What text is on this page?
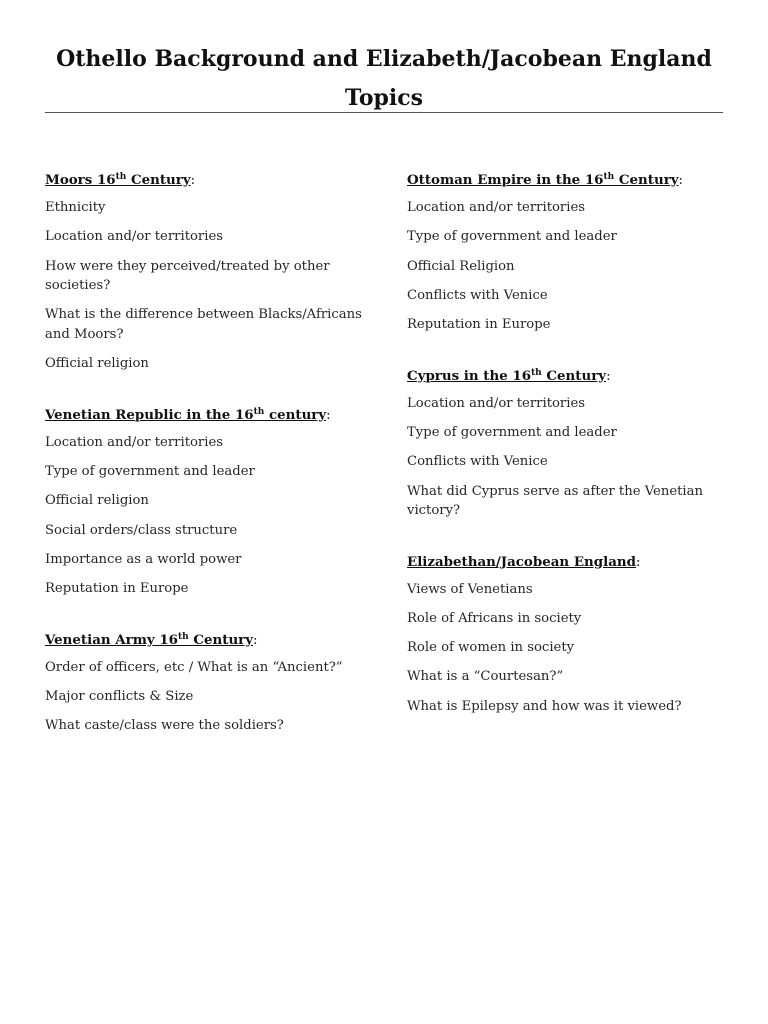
Othello Background and Elizabeth/Jacobean England
Topics
Moors 16th Century:
Ethnicity
Location and/or territories
How were they perceived/treated by other societies?
What is the difference between Blacks/Africans and Moors?
Official religion
Venetian Republic in the 16th century:
Location and/or territories
Type of government and leader
Official religion
Social orders/class structure
Importance as a world power
Reputation in Europe
Venetian Army 16th Century:
Order of officers, etc / What is an “Ancient?”
Major conflicts & Size
What caste/class were the soldiers?
Ottoman Empire in the 16th Century:
Location and/or territories
Type of government and leader
Official Religion
Conflicts with Venice
Reputation in Europe
Cyprus in the 16th Century:
Location and/or territories
Type of government and leader
Conflicts with Venice
What did Cyprus serve as after the Venetian victory?
Elizabethan/Jacobean England:
Views of Venetians
Role of Africans in society
Role of women in society
What is a “Courtesan?”
What is Epilepsy and how was it viewed?
